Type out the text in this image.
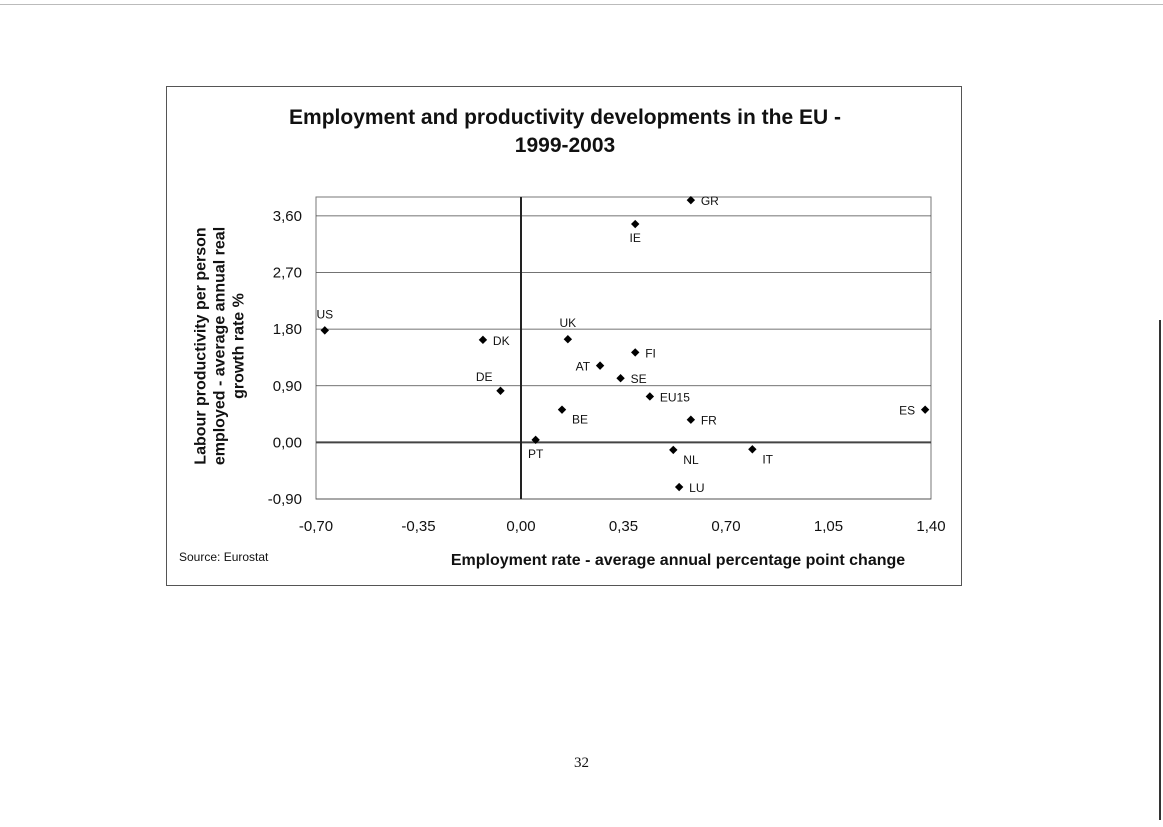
Employment and productivity developments in the EU -
1999-2003
Labour productivity per person employed - average annual real growth rate %
Source: Eurostat	Employment rate - average annual percentage point change
32
3,60
2,70
1,80
0,90
0,00
-0,90
-0,70	-0,35	0,00	0,35	0,70	1,05	1,40
GR
IE
US
UK
DK
FI
AT
SE
DE
EU15
BE
ES
FR
PT	NL	IT
LU
